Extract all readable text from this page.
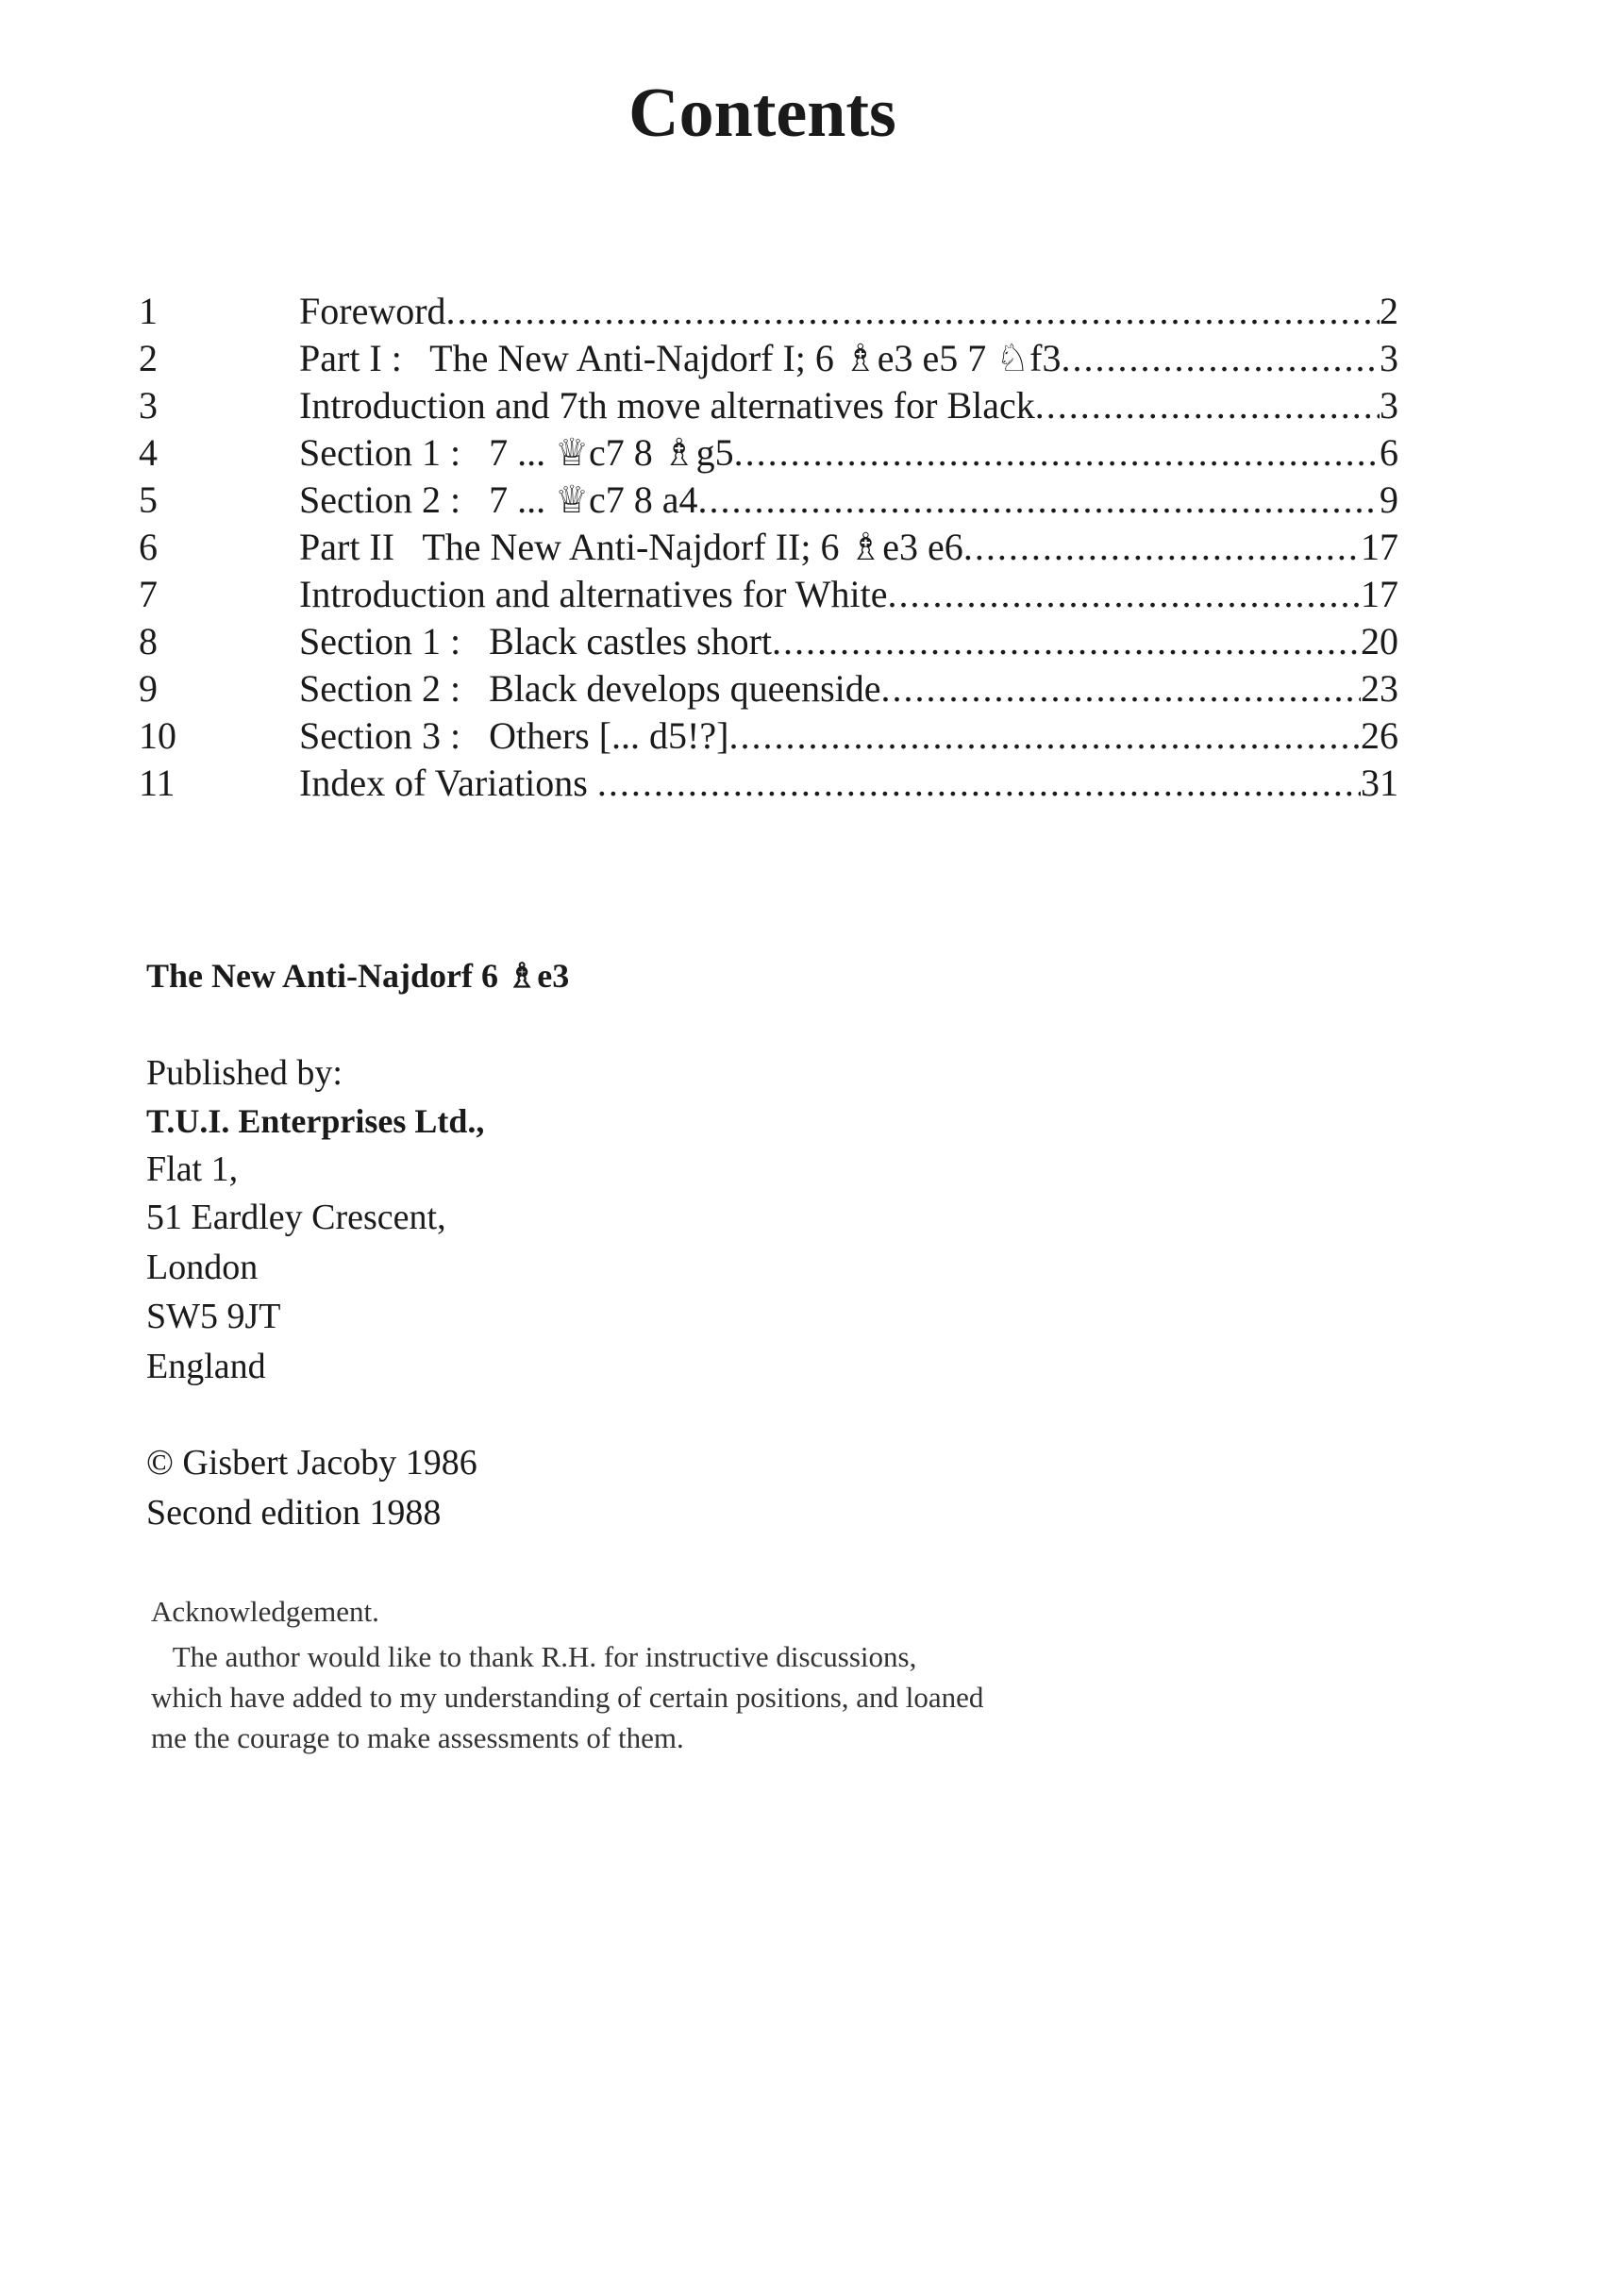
Contents
1	Foreword .....	2
2	Part I :   The New Anti-Najdorf I; 6 ♗e3 e5 7 ♘f3 .....	3
3	Introduction and 7th move alternatives for Black .....	3
4	Section 1 :   7 ... ♕c7 8 ♗g5 .....	6
5	Section 2 :   7 ... ♕c7 8 a4 .....	9
6	Part II   The New Anti-Najdorf II; 6 ♗e3 e6 .....	17
7	Introduction and alternatives for White .....	17
8	Section 1 :   Black castles short .....	20
9	Section 2 :   Black develops queenside .....	23
10	Section 3 :   Others [... d5!?] .....	26
11	Index of Variations .....	31
The New Anti-Najdorf 6 ♗e3
Published by:
T.U.I. Enterprises Ltd.,
Flat 1,
51 Eardley Crescent,
London
SW5 9JT
England
© Gisbert Jacoby 1986
Second edition 1988
Acknowledgement.
The author would like to thank R.H. for instructive discussions,
which have added to my understanding of certain positions, and loaned
me the courage to make assessments of them.
